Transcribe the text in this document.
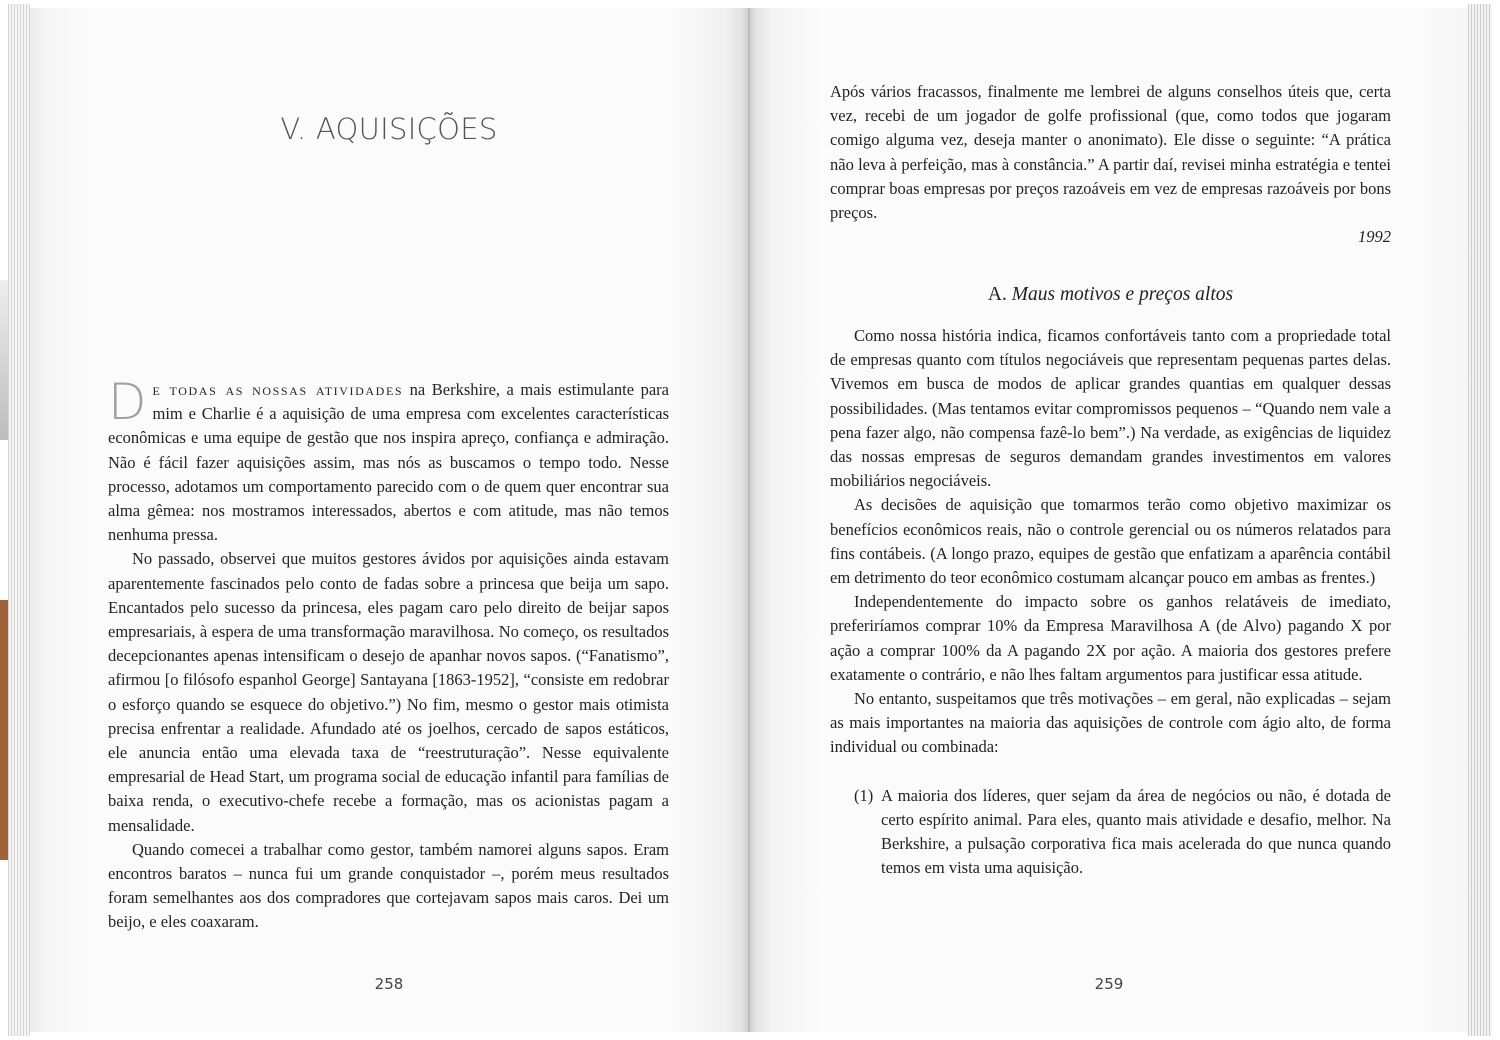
V. AQUISIÇÕES

De todas as nossas atividades na Berkshire, a mais estimulante para mim e Charlie é a aquisição de uma empresa com excelentes características econômicas e uma equipe de gestão que nos inspira apreço, confiança e admiração. Não é fácil fazer aquisições assim, mas nós as buscamos o tempo todo. Nesse processo, adotamos um comportamento parecido com o de quem quer encontrar sua alma gêmea: nos mostramos interessados, abertos e com atitude, mas não temos nenhuma pressa.

No passado, observei que muitos gestores ávidos por aquisições ainda estavam aparentemente fascinados pelo conto de fadas sobre a princesa que beija um sapo. Encantados pelo sucesso da princesa, eles pagam caro pelo direito de beijar sapos empresariais, à espera de uma transformação maravilhosa. No começo, os resultados decepcionantes apenas intensificam o desejo de apanhar novos sapos. (“Fanatismo”, afirmou [o filósofo espanhol George] Santayana [1863-1952], “consiste em redobrar o esforço quando se esquece do objetivo.”) No fim, mesmo o gestor mais otimista precisa enfrentar a realidade. Afundado até os joelhos, cercado de sapos estáticos, ele anuncia então uma elevada taxa de “reestruturação”. Nesse equivalente empresarial de Head Start, um programa social de educação infantil para famílias de baixa renda, o executivo-chefe recebe a formação, mas os acionistas pagam a mensalidade.

Quando comecei a trabalhar como gestor, também namorei alguns sapos. Eram encontros baratos – nunca fui um grande conquistador –, porém meus resultados foram semelhantes aos dos compradores que cortejavam sapos mais caros. Dei um beijo, e eles coaxaram.

258

Após vários fracassos, finalmente me lembrei de alguns conselhos úteis que, certa vez, recebi de um jogador de golfe profissional (que, como todos que jogaram comigo alguma vez, deseja manter o anonimato). Ele disse o seguinte: “A prática não leva à perfeição, mas à constância.” A partir daí, revisei minha estratégia e tentei comprar boas empresas por preços razoáveis em vez de empresas razoáveis por bons preços.

1992

A. Maus motivos e preços altos

Como nossa história indica, ficamos confortáveis tanto com a propriedade total de empresas quanto com títulos negociáveis que representam pequenas partes delas. Vivemos em busca de modos de aplicar grandes quantias em qualquer dessas possibilidades. (Mas tentamos evitar compromissos pequenos – “Quando nem vale a pena fazer algo, não compensa fazê-lo bem”.) Na verdade, as exigências de liquidez das nossas empresas de seguros demandam grandes investimentos em valores mobiliários negociáveis.

As decisões de aquisição que tomarmos terão como objetivo maximizar os benefícios econômicos reais, não o controle gerencial ou os números relatados para fins contábeis. (A longo prazo, equipes de gestão que enfatizam a aparência contábil em detrimento do teor econômico costumam alcançar pouco em ambas as frentes.)

Independentemente do impacto sobre os ganhos relatáveis de imediato, preferiríamos comprar 10% da Empresa Maravilhosa A (de Alvo) pagando X por ação a comprar 100% da A pagando 2X por ação. A maioria dos gestores prefere exatamente o contrário, e não lhes faltam argumentos para justificar essa atitude.

No entanto, suspeitamos que três motivações – em geral, não explicadas – sejam as mais importantes na maioria das aquisições de controle com ágio alto, de forma individual ou combinada:

(1) A maioria dos líderes, quer sejam da área de negócios ou não, é dotada de certo espírito animal. Para eles, quanto mais atividade e desafio, melhor. Na Berkshire, a pulsação corporativa fica mais acelerada do que nunca quando temos em vista uma aquisição.
259
